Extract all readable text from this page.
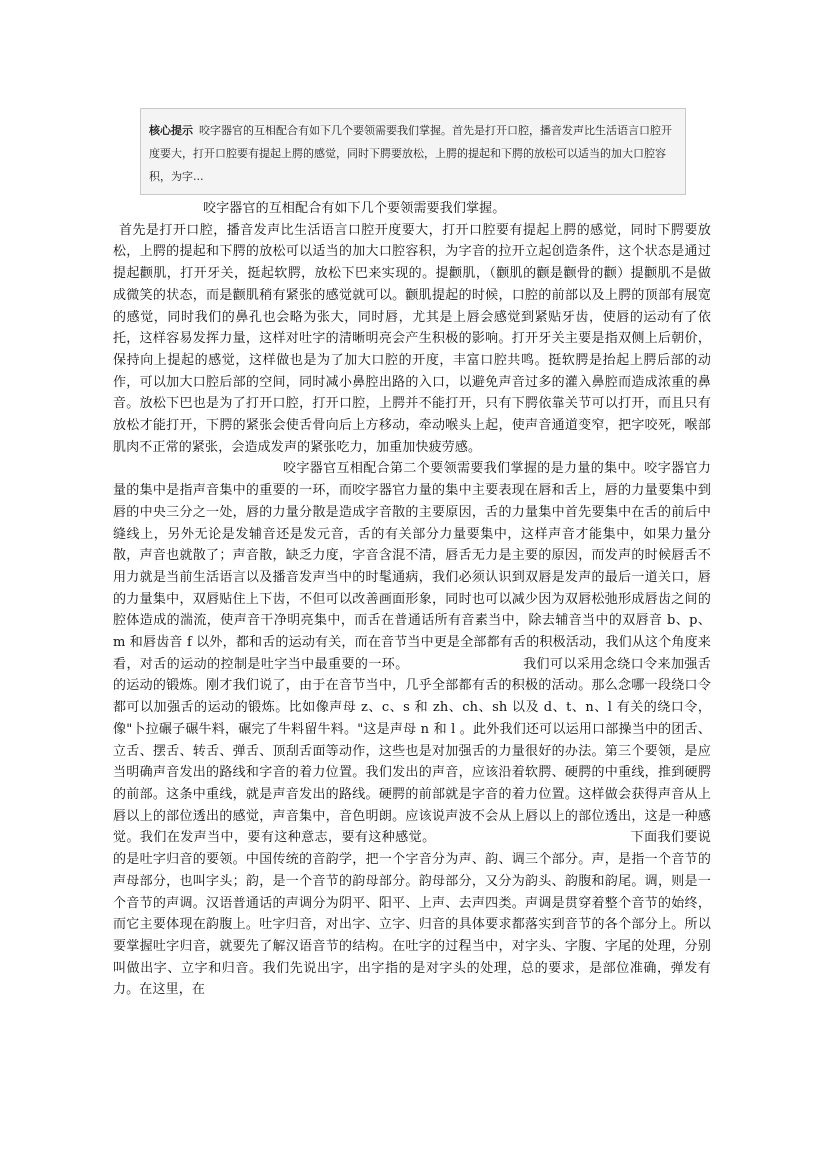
核心提示 咬字器官的互相配合有如下几个要领需要我们掌握。首先是打开口腔，播音发声比生活语言口腔开度要大，打开口腔要有提起上腭的感觉，同时下腭要放松，上腭的提起和下腭的放松可以适当的加大口腔容积，为字...

咬字器官的互相配合有如下几个要领需要我们掌握。

首先是打开口腔，播音发声比生活语言口腔开度要大，打开口腔要有提起上腭的感觉，同时下腭要放松，上腭的提起和下腭的放松可以适当的加大口腔容积，为字音的拉开立起创造条件，这个状态是通过提起颧肌，打开牙关，挺起软腭，放松下巴来实现的。提颧肌，（颧肌的颧是颧骨的颧）提颧肌不是做成微笑的状态，而是颧肌稍有紧张的感觉就可以。颧肌提起的时候，口腔的前部以及上腭的顶部有展宽的感觉，同时我们的鼻孔也会略为张大，同时唇，尤其是上唇会感觉到紧贴牙齿，使唇的运动有了依托，这样容易发挥力量，这样对吐字的清晰明亮会产生积极的影响。打开牙关主要是指双侧上后朝价，保持向上提起的感觉，这样做也是为了加大口腔的开度，丰富口腔共鸣。挺软腭是抬起上腭后部的动作，可以加大口腔后部的空间，同时减小鼻腔出路的入口，以避免声音过多的灌入鼻腔而造成浓重的鼻音。放松下巴也是为了打开口腔，打开口腔，上腭并不能打开，只有下腭依靠关节可以打开，而且只有放松才能打开，下腭的紧张会使舌骨向后上方移动，牵动喉头上起，使声音通道变窄，把字咬死，喉部肌肉不正常的紧张，会造成发声的紧张吃力，加重加快疲劳感。

咬字器官互相配合第二个要领需要我们掌握的是力量的集中。咬字器官力量的集中是指声音集中的重要的一环，而咬字器官力量的集中主要表现在唇和舌上，唇的力量要集中到唇的中央三分之一处，唇的力量分散是造成字音散的主要原因，舌的力量集中首先要集中在舌的前后中缝线上，另外无论是发辅音还是发元音，舌的有关部分力量要集中，这样声音才能集中，如果力量分散，声音也就散了；声音散，缺乏力度，字音含混不清，唇舌无力是主要的原因，而发声的时候唇舌不用力就是当前生活语言以及播音发声当中的时髦通病，我们必须认识到双唇是发声的最后一道关口，唇的力量集中，双唇贴住上下齿，不但可以改善画面形象，同时也可以减少因为双唇松弛形成唇齿之间的腔体造成的湍流，使声音干净明亮集中，而舌在普通话所有音素当中，除去辅音当中的双唇音 b、p、m 和唇齿音 f 以外，都和舌的运动有关，而在音节当中更是全部都有舌的积极活动，我们从这个角度来看，对舌的运动的控制是吐字当中最重要的一环。　　　　　　　　　我们可以采用念绕口令来加强舌的运动的锻炼。刚才我们说了，由于在音节当中，几乎全部都有舌的积极的活动。那么念哪一段绕口令都可以加强舌的运动的锻炼。比如像声母 z、c、s 和 zh、ch、sh 以及 d、t、n、l 有关的绕口令，像"卜拉碾子碾牛料，碾完了牛料留牛料。"这是声母 n 和 l 。此外我们还可以运用口部操当中的团舌、立舌、摆舌、转舌、弹舌、顶刮舌面等动作，这些也是对加强舌的力量很好的办法。第三个要领，是应当明确声音发出的路线和字音的着力位置。我们发出的声音，应该沿着软腭、硬腭的中重线，推到硬腭的前部。这条中重线，就是声音发出的路线。硬腭的前部就是字音的着力位置。这样做会获得声音从上唇以上的部位透出的感觉，声音集中，音色明朗。应该说声波不会从上唇以上的部位透出，这是一种感觉。我们在发声当中，要有这种意志，要有这种感觉。　　　　　　　　　　　　　　　下面我们要说的是吐字归音的要领。中国传统的音韵学，把一个字音分为声、韵、调三个部分。声，是指一个音节的声母部分，也叫字头；韵，是一个音节的韵母部分。韵母部分，又分为韵头、韵腹和韵尾。调，则是一个音节的声调。汉语普通话的声调分为阴平、阳平、上声、去声四类。声调是贯穿着整个音节的始终，而它主要体现在韵腹上。吐字归音，对出字、立字、归音的具体要求都落实到音节的各个部分上。所以要掌握吐字归音，就要先了解汉语音节的结构。在吐字的过程当中，对字头、字腹、字尾的处理，分别叫做出字、立字和归音。我们先说出字，出字指的是对字头的处理，总的要求，是部位准确，弹发有力。在这里，在
